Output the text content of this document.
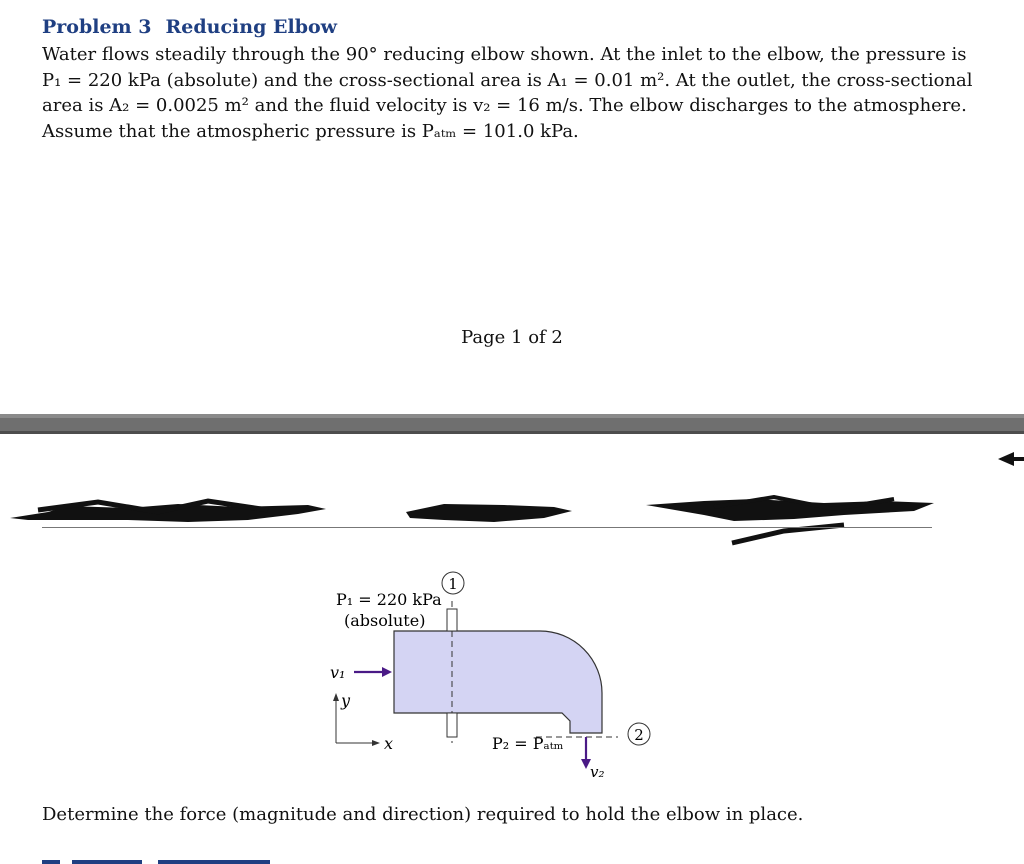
Problem 3 Reducing Elbow
Water flows steadily through the 90° reducing elbow shown. At the inlet to the elbow, the pressure is
P₁ = 220 kPa (absolute) and the cross-sectional area is A₁ = 0.01 m². At the outlet, the cross-sectional
area is A₂ = 0.0025 m² and the fluid velocity is v₂ = 16 m/s. The elbow discharges to the atmosphere.
Assume that the atmospheric pressure is Pₐₜₘ = 101.0 kPa.
Page 1 of 2
1
2
P₁ = 220 kPa
(absolute)
v₁
y
x	P₂ = Pₐₜₘ
v₂
Determine the force (magnitude and direction) required to hold the elbow in place.
